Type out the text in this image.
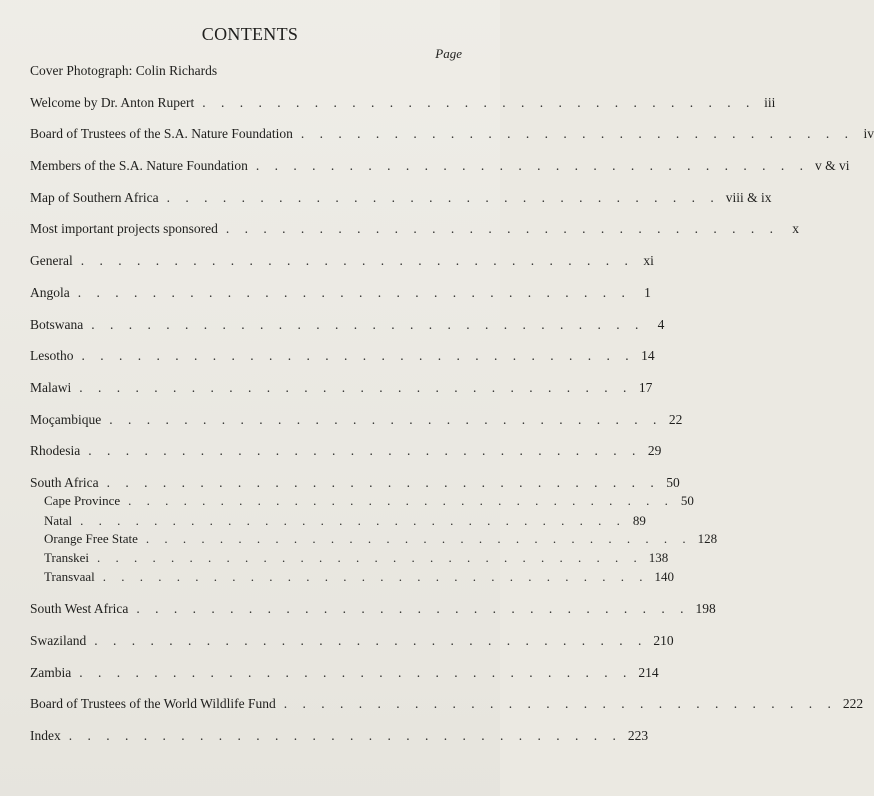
CONTENTS
Page
Cover Photograph: Colin Richards
Welcome by Dr. Anton Rupert . . . . . . . . . . . . . . . . . . . . . . . . . . . . . . iii
Board of Trustees of the S.A. Nature Foundation . . . . . . . . . . . . . . . . . . . . . . . . . . . . . . iv
Members of the S.A. Nature Foundation . . . . . . . . . . . . . . . . . . . . . . . . . . . . . . v & vi
Map of Southern Africa . . . . . . . . . . . . . . . . . . . . . . . . . . . . . . viii & ix
Most important projects sponsored . . . . . . . . . . . . . . . . . . . . . . . . . . . . . . x
General . . . . . . . . . . . . . . . . . . . . . . . . . . . . . . xi
Angola . . . . . . . . . . . . . . . . . . . . . . . . . . . . . . 1
Botswana . . . . . . . . . . . . . . . . . . . . . . . . . . . . . . 4
Lesotho . . . . . . . . . . . . . . . . . . . . . . . . . . . . . . 14
Malawi . . . . . . . . . . . . . . . . . . . . . . . . . . . . . . 17
Moçambique . . . . . . . . . . . . . . . . . . . . . . . . . . . . . . 22
Rhodesia . . . . . . . . . . . . . . . . . . . . . . . . . . . . . . 29
South Africa . . . . . . . . . . . . . . . . . . . . . . . . . . . . . . 50
Cape Province . . . . . . . . . . . . . . . . . . . . . . . . . . . . . . 50
Natal . . . . . . . . . . . . . . . . . . . . . . . . . . . . . . 89
Orange Free State . . . . . . . . . . . . . . . . . . . . . . . . . . . . . . 128
Transkei . . . . . . . . . . . . . . . . . . . . . . . . . . . . . . 138
Transvaal . . . . . . . . . . . . . . . . . . . . . . . . . . . . . . 140
South West Africa . . . . . . . . . . . . . . . . . . . . . . . . . . . . . . 198
Swaziland . . . . . . . . . . . . . . . . . . . . . . . . . . . . . . 210
Zambia . . . . . . . . . . . . . . . . . . . . . . . . . . . . . . 214
Board of Trustees of the World Wildlife Fund . . . . . . . . . . . . . . . . . . . . . . . . . . . . . . 222
Index . . . . . . . . . . . . . . . . . . . . . . . . . . . . . . 223
